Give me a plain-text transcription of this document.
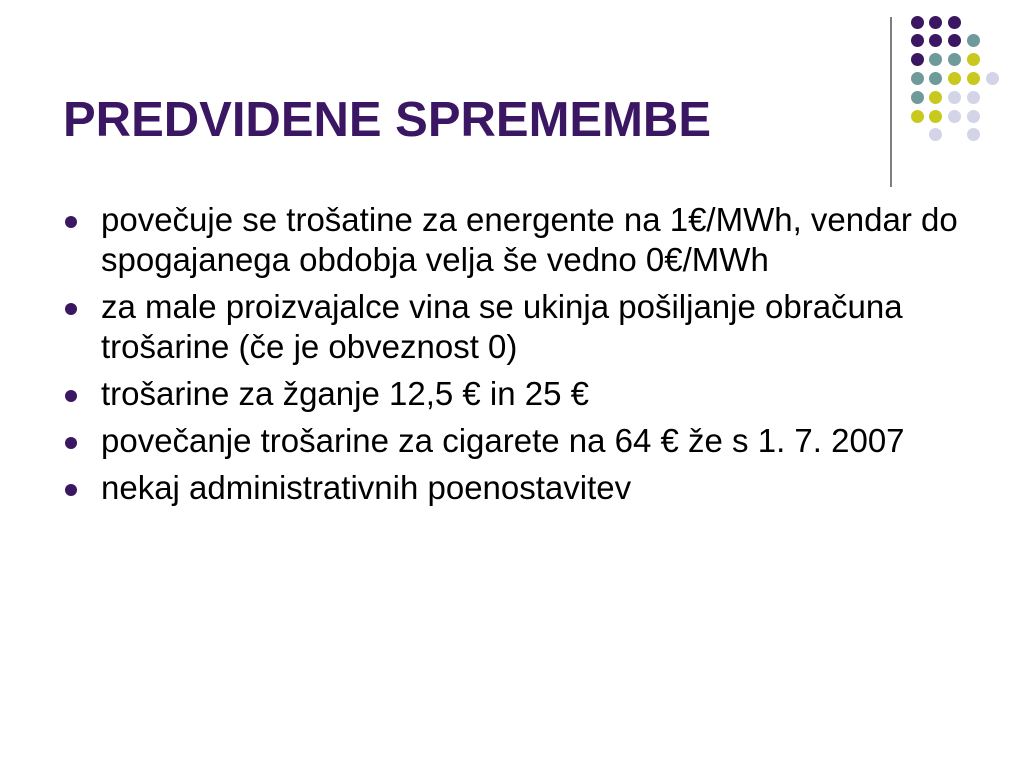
PREDVIDENE SPREMEMBE
povečuje se trošatine za energente na 1€/MWh, vendar do spogajanega obdobja velja še vedno 0€/MWh
za male proizvajalce vina se ukinja pošiljanje obračuna trošarine (če je obveznost 0)
trošarine za žganje 12,5 € in 25 €
povečanje trošarine za cigarete na 64 € že s 1. 7. 2007
nekaj administrativnih poenostavitev
